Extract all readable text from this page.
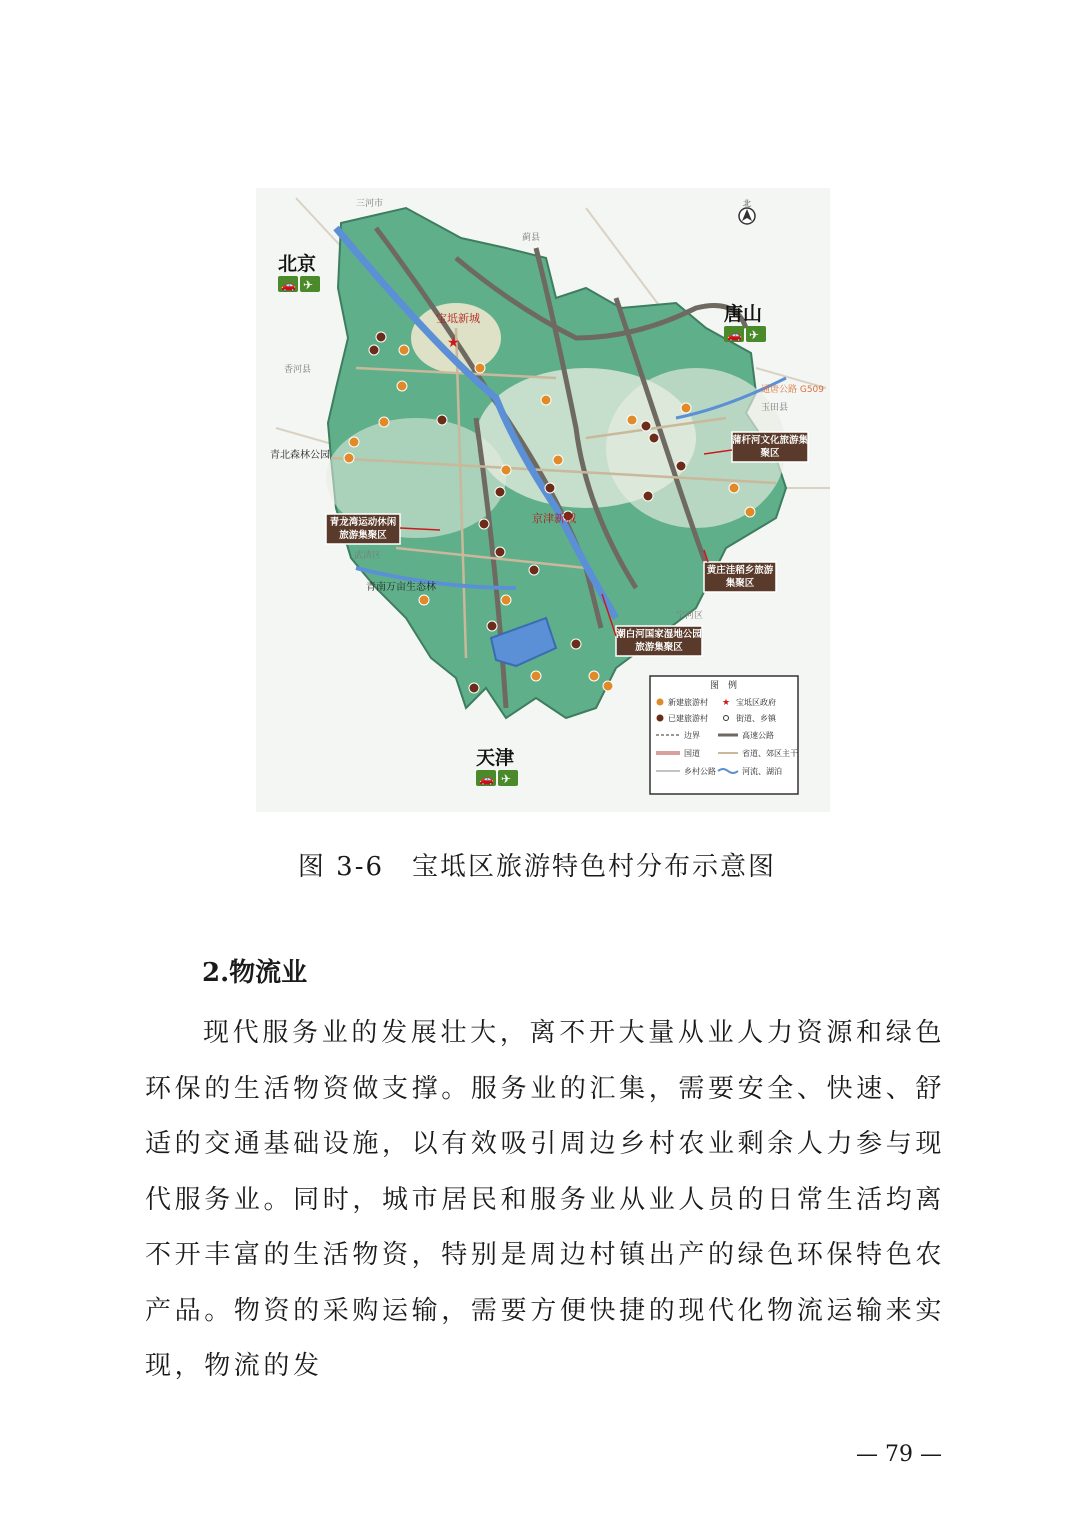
★
宝坻新城
京津新城
三河市
蓟县
香河县
玉田县
武清区
宁河区
通唐公路 G509
北
北京
🚗 ✈
唐山
🚗 ✈
天津
🚗 ✈
青北森林公园
青南万亩生态林
青龙湾运动休闲旅游集聚区
蒲杆河文化旅游集聚区
黄庄洼稻乡旅游集聚区
潮白河国家湿地公园旅游集聚区
图　例
新建旅游村 ★ 宝坻区政府
已建旅游村	街道、乡镇
边界	高速公路
国道	省道、郊区主干
乡村公路	河流、湖泊
图 3-6　宝坻区旅游特色村分布示意图
2.物流业
现代服务业的发展壮大，离不开大量从业人力资源和绿色环保的生活物资做支撑。服务业的汇集，需要安全、快速、舒适的交通基础设施，以有效吸引周边乡村农业剩余人力参与现代服务业。同时，城市居民和服务业从业人员的日常生活均离不开丰富的生活物资，特别是周边村镇出产的绿色环保特色农产品。物资的采购运输，需要方便快捷的现代化物流运输来实现，物流的发
— 79 —
